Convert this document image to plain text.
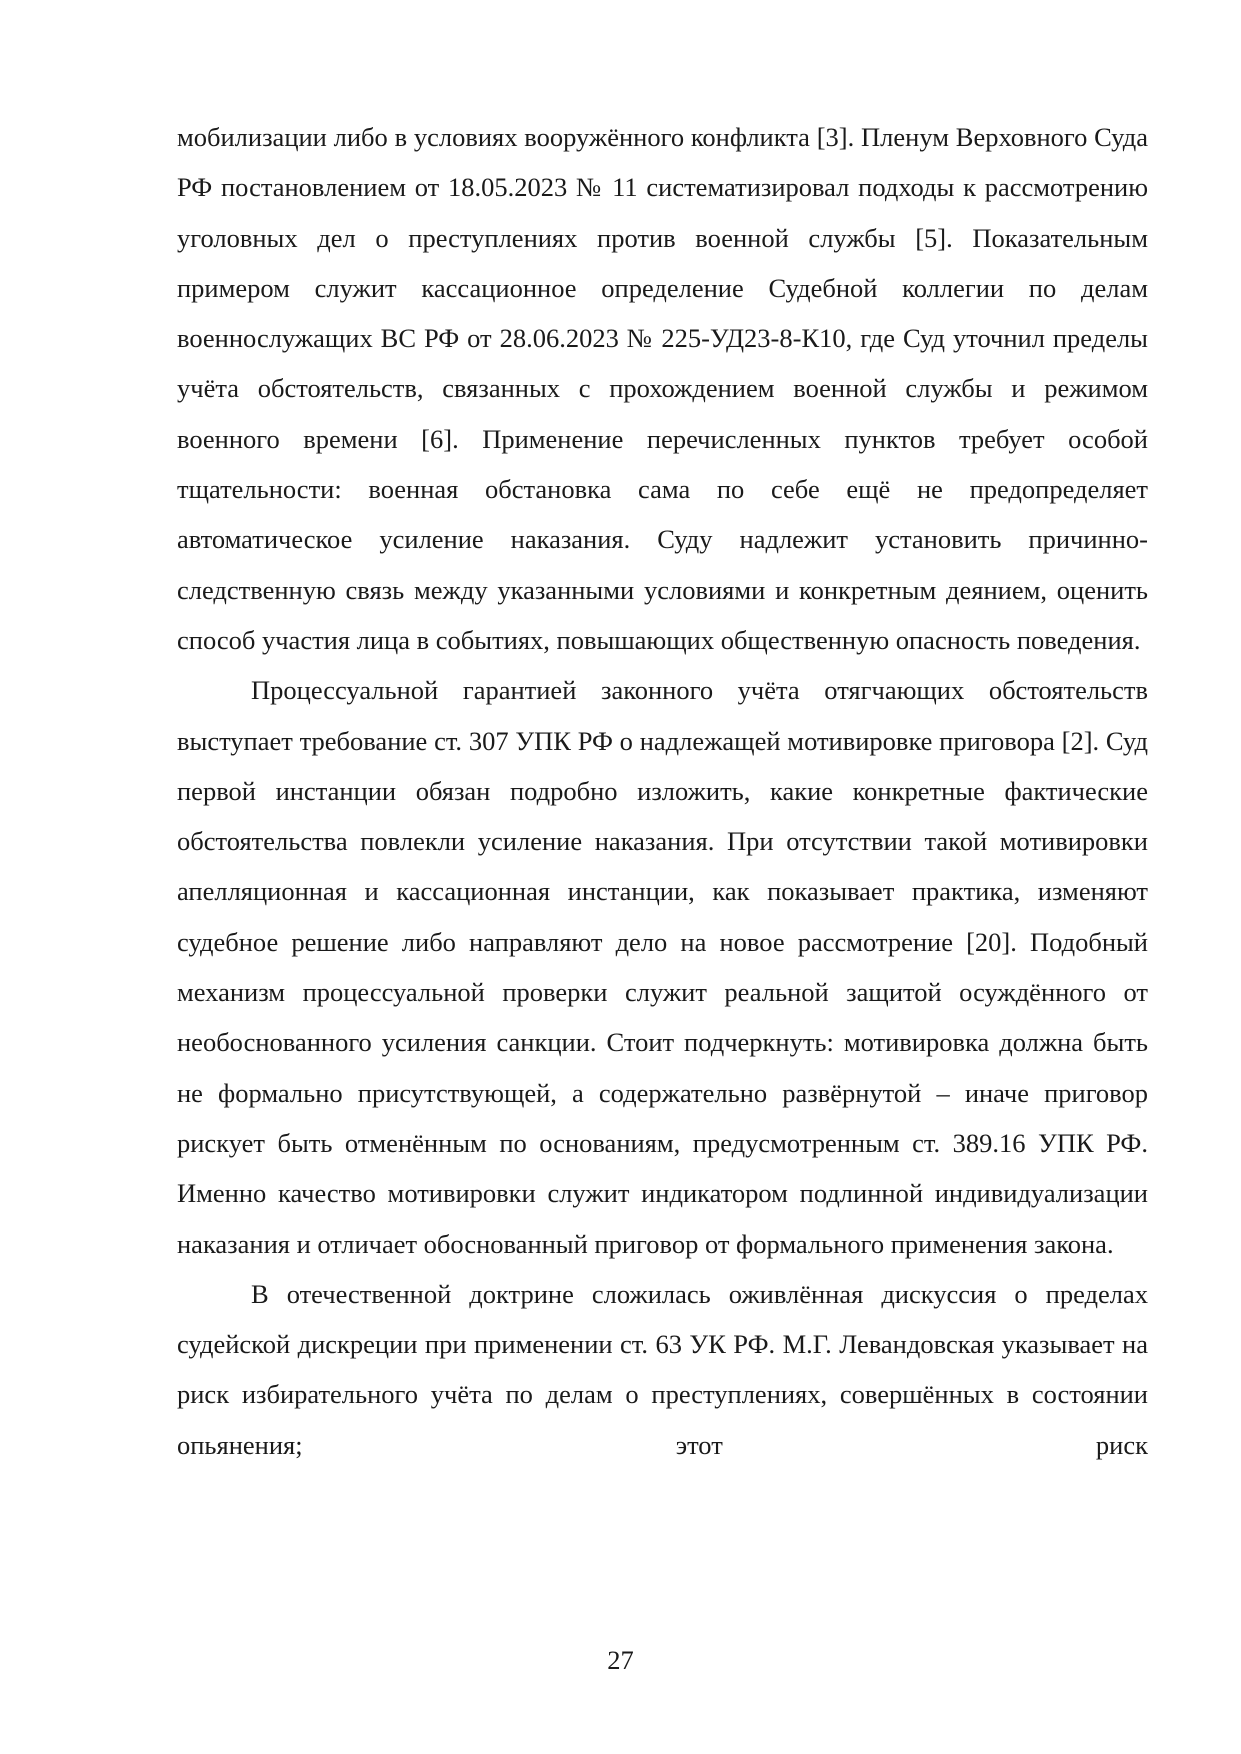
мобилизации либо в условиях вооружённого конфликта [3]. Пленум Верховного Суда РФ постановлением от 18.05.2023 № 11 систематизировал подходы к рассмотрению уголовных дел о преступлениях против военной службы [5]. Показательным примером служит кассационное определение Судебной коллегии по делам военнослужащих ВС РФ от 28.06.2023 № 225-УД23-8-К10, где Суд уточнил пределы учёта обстоятельств, связанных с прохождением военной службы и режимом военного времени [6]. Применение перечисленных пунктов требует особой тщательности: военная обстановка сама по себе ещё не предопределяет автоматическое усиление наказания. Суду надлежит установить причинно-следственную связь между указанными условиями и конкретным деянием, оценить способ участия лица в событиях, повышающих общественную опасность поведения.

Процессуальной гарантией законного учёта отягчающих обстоятельств выступает требование ст. 307 УПК РФ о надлежащей мотивировке приговора [2]. Суд первой инстанции обязан подробно изложить, какие конкретные фактические обстоятельства повлекли усиление наказания. При отсутствии такой мотивировки апелляционная и кассационная инстанции, как показывает практика, изменяют судебное решение либо направляют дело на новое рассмотрение [20]. Подобный механизм процессуальной проверки служит реальной защитой осуждённого от необоснованного усиления санкции. Стоит подчеркнуть: мотивировка должна быть не формально присутствующей, а содержательно развёрнутой – иначе приговор рискует быть отменённым по основаниям, предусмотренным ст. 389.16 УПК РФ. Именно качество мотивировки служит индикатором подлинной индивидуализации наказания и отличает обоснованный приговор от формального применения закона.

В отечественной доктрине сложилась оживлённая дискуссия о пределах судейской дискреции при применении ст. 63 УК РФ. М.Г. Левандовская указывает на риск избирательного учёта по делам о преступлениях, совершённых в состоянии опьянения; этот риск

27
